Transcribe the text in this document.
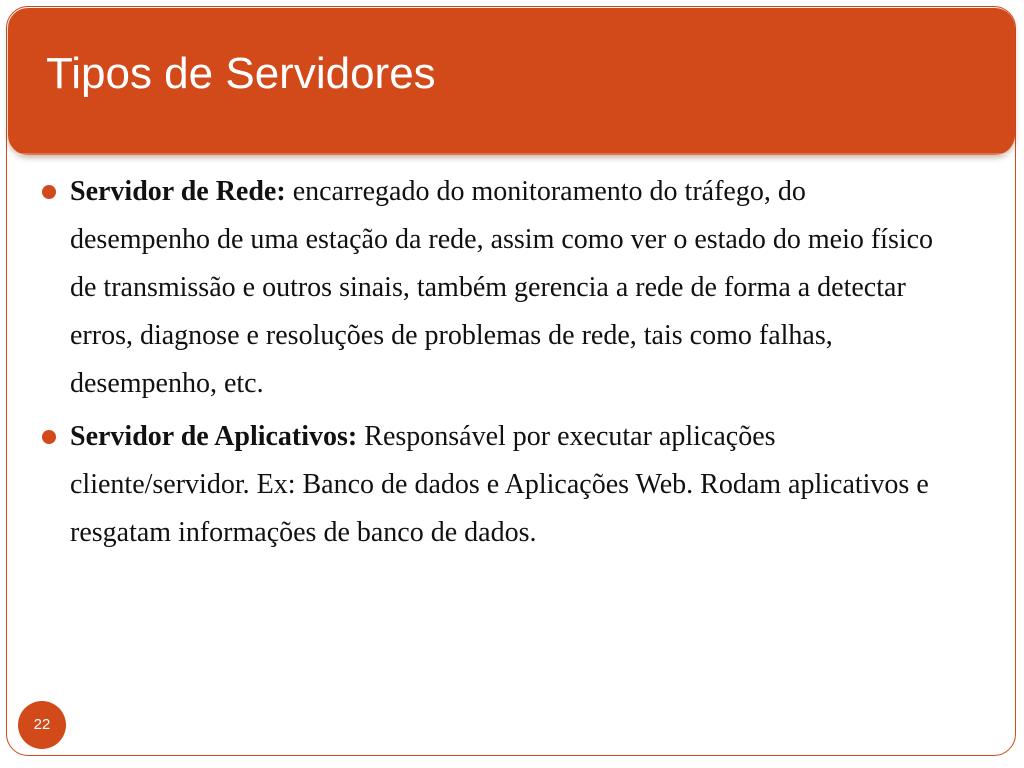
Tipos de Servidores
Servidor de Rede: encarregado do monitoramento do tráfego, do desempenho de uma estação da rede, assim como ver o estado do meio físico de transmissão e outros sinais, também gerencia a rede de forma a detectar erros, diagnose e resoluções de problemas de rede, tais como falhas, desempenho, etc.
Servidor de Aplicativos: Responsável por executar aplicações cliente/servidor. Ex: Banco de dados e Aplicações Web. Rodam aplicativos e resgatam informações de banco de dados.
22
